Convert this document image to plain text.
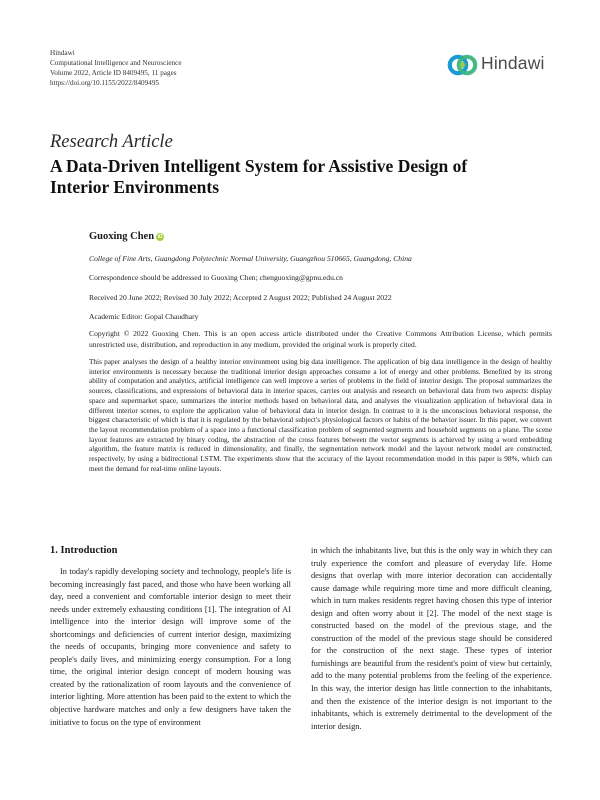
Hindawi
Computational Intelligence and Neuroscience
Volume 2022, Article ID 8409495, 11 pages
https://doi.org/10.1155/2022/8409495
Hindawi
Research Article
A Data-Driven Intelligent System for Assistive Design of Interior Environments
Guoxing Chen iD
College of Fine Arts, Guangdong Polytechnic Normal University, Guangzhou 510665, Guangdong, China
Correspondence should be addressed to Guoxing Chen; chenguoxing@gpnu.edu.cn
Received 20 June 2022; Revised 30 July 2022; Accepted 2 August 2022; Published 24 August 2022
Academic Editor: Gopal Chaudhary
Copyright © 2022 Guoxing Chen. This is an open access article distributed under the Creative Commons Attribution License, which permits unrestricted use, distribution, and reproduction in any medium, provided the original work is properly cited.
This paper analyses the design of a healthy interior environment using big data intelligence. The application of big data intelligence in the design of healthy interior environments is necessary because the traditional interior design approaches consume a lot of energy and other problems. Benefited by its strong ability of computation and analytics, artificial intelligence can well improve a series of problems in the field of interior design. The proposal summarizes the sources, classifications, and expressions of behavioral data in interior spaces, carries out analysis and research on behavioral data from two aspects: display space and supermarket space, summarizes the interior methods based on behavioral data, and analyses the visualization application of behavioral data in different interior scenes, to explore the application value of behavioral data in interior design. In contrast to it is the unconscious behavioral response, the biggest characteristic of which is that it is regulated by the behavioral subject's physiological factors or habits of the behavior issuer. In this paper, we convert the layout recommendation problem of a space into a functional classification problem of segmented segments and household segments on a plane. The scene layout features are extracted by binary coding, the abstraction of the cross features between the vector segments is achieved by using a word embedding algorithm, the feature matrix is reduced in dimensionality, and finally, the segmentation network model and the layout network model are constructed, respectively, by using a bidirectional LSTM. The experiments show that the accuracy of the layout recommendation model in this paper is 98%, which can meet the demand for real-time online layouts.
1. Introduction
In today's rapidly developing society and technology, people's life is becoming increasingly fast paced, and those who have been working all day, need a convenient and comfortable interior design to meet their needs under extremely exhausting conditions [1]. The integration of AI intelligence into the interior design will improve some of the shortcomings and deficiencies of current interior design, maximizing the needs of occupants, bringing more convenience and safety to people's daily lives, and minimizing energy consumption. For a long time, the original interior design concept of modern housing was created by the rationalization of room layouts and the convenience of interior lighting. More attention has been paid to the extent to which the objective hardware matches and only a few designers have taken the initiative to focus on the type of environment
in which the inhabitants live, but this is the only way in which they can truly experience the comfort and pleasure of everyday life. Home designs that overlap with more interior decoration can accidentally cause damage while requiring more time and more difficult cleaning, which in turn makes residents regret having chosen this type of interior design and often worry about it [2]. The model of the next stage is constructed based on the model of the previous stage, and the construction of the model of the previous stage should be considered for the construction of the next stage. These types of interior furnishings are beautiful from the resident's point of view but certainly, add to the many potential problems from the feeling of the experience. In this way, the interior design has little connection to the inhabitants, and then the existence of the interior design is not important to the inhabitants, which is extremely detrimental to the development of the interior design.
